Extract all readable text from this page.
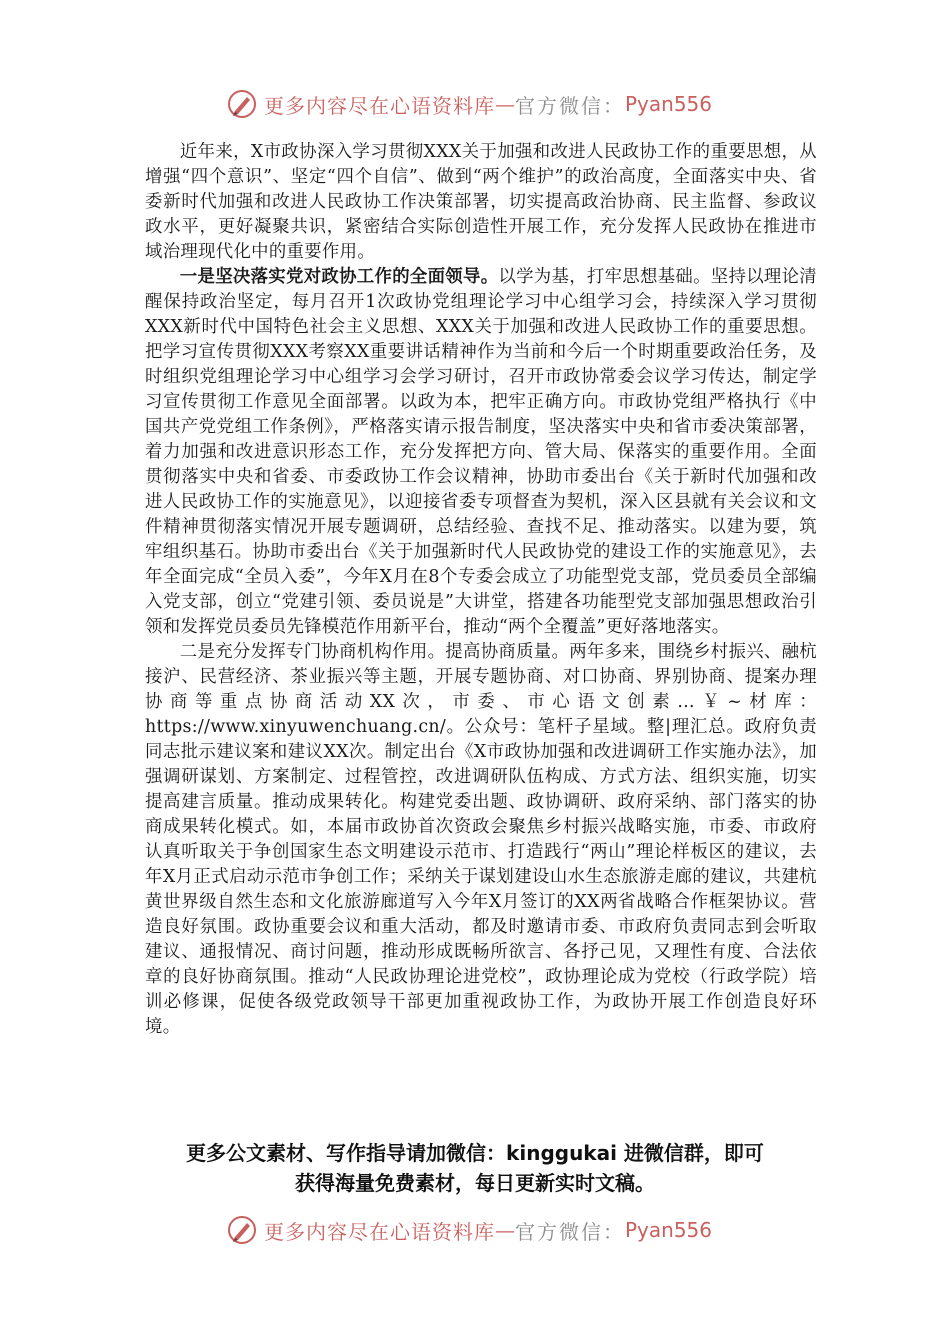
更多内容尽在心语资料库 — 官方微信： Pyan556

近年来，X市政协深入学习贯彻XXX关于加强和改进人民政协工作的重要思想，从增强“四个意识”、坚定“四个自信”、做到“两个维护”的政治高度，全面落实中央、省委新时代加强和改进人民政协工作决策部署，切实提高政治协商、民主监督、参政议政水平，更好凝聚共识，紧密结合实际创造性开展工作，充分发挥人民政协在推进市域治理现代化中的重要作用。

一是坚决落实党对政协工作的全面领导。以学为基，打牢思想基础。坚持以理论清醒保持政治坚定，每月召开1次政协党组理论学习中心组学习会，持续深入学习贯彻XXX新时代中国特色社会主义思想、XXX关于加强和改进人民政协工作的重要思想。把学习宣传贯彻XXX考察XX重要讲话精神作为当前和今后一个时期重要政治任务，及时组织党组理论学习中心组学习会学习研讨，召开市政协常委会议学习传达，制定学习宣传贯彻工作意见全面部署。以政为本，把牢正确方向。市政协党组严格执行《中国共产党党组工作条例》，严格落实请示报告制度，坚决落实中央和省市委决策部署，着力加强和改进意识形态工作，充分发挥把方向、管大局、保落实的重要作用。全面贯彻落实中央和省委、市委政协工作会议精神，协助市委出台《关于新时代加强和改进人民政协工作的实施意见》，以迎接省委专项督查为契机，深入区县就有关会议和文件精神贯彻落实情况开展专题调研，总结经验、查找不足、推动落实。以建为要，筑牢组织基石。协助市委出台《关于加强新时代人民政协党的建设工作的实施意见》，去年全面完成“全员入委”，今年X月在8个专委会成立了功能型党支部，党员委员全部编入党支部，创立“党建引领、委员说是”大讲堂，搭建各功能型党支部加强思想政治引领和发挥党员委员先锋模范作用新平台，推动“两个全覆盖”更好落地落实。

二是充分发挥专门协商机构作用。提高协商质量。两年多来，围绕乡村振兴、融杭接沪、民营经济、茶业振兴等主题，开展专题协商、对口协商、界别协商、提案办理协商等重点协商活动XX次，市委、市心语文创素…￥~材库：https://www.xinyuwenchuang.cn/。公众号：笔杆子星域。整|理汇总。政府负责同志批示建议案和建议XX次。制定出台《X市政协加强和改进调研工作实施办法》，加强调研谋划、方案制定、过程管控，改进调研队伍构成、方式方法、组织实施，切实提高建言质量。推动成果转化。构建党委出题、政协调研、政府采纳、部门落实的协商成果转化模式。如，本届市政协首次资政会聚焦乡村振兴战略实施，市委、市政府认真听取关于争创国家生态文明建设示范市、打造践行“两山”理论样板区的建议，去年X月正式启动示范市争创工作；采纳关于谋划建设山水生态旅游走廊的建议，共建杭黄世界级自然生态和文化旅游廊道写入今年X月签订的XX两省战略合作框架协议。营造良好氛围。政协重要会议和重大活动，都及时邀请市委、市政府负责同志到会听取建议、通报情况、商讨问题，推动形成既畅所欲言、各抒己见，又理性有度、合法依章的良好协商氛围。推动“人民政协理论进党校”，政协理论成为党校（行政学院）培训必修课，促使各级党政领导干部更加重视政协工作，为政协开展工作创造良好环境。

更多公文素材、写作指导请加微信：kinggukai 进微信群，即可
获得海量免费素材，每日更新实时文稿。
更多内容尽在心语资料库 — 官方微信： Pyan556
